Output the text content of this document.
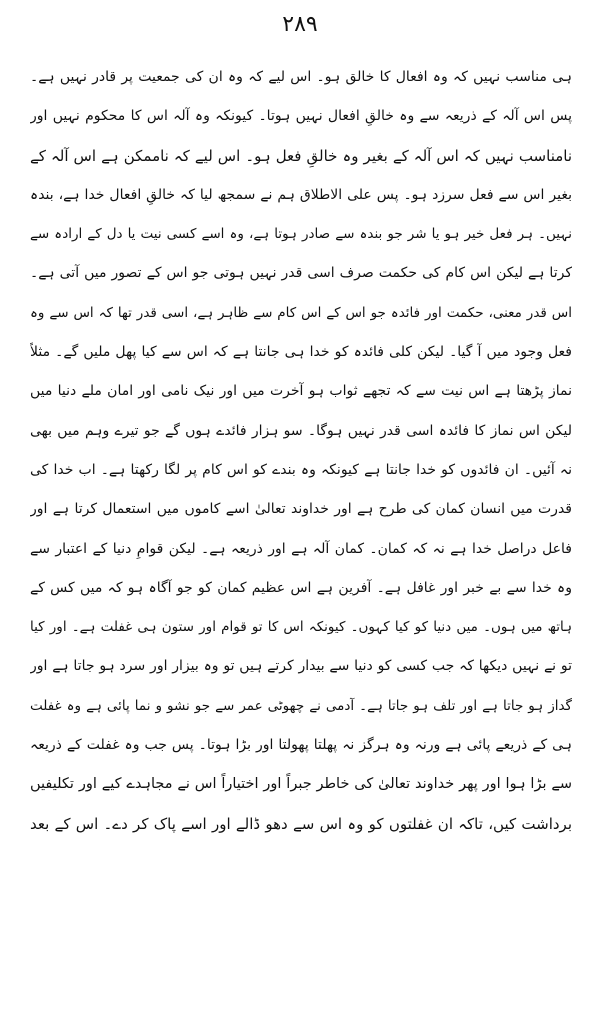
۲۸۹
ہی مناسب نہیں کہ وہ افعال کا خالق ہو۔ اس لیے کہ وہ ان کی جمعیت پر قادر نہیں ہے۔
پس اس آلہ کے ذریعہ سے وہ خالقِ افعال نہیں ہوتا۔ کیونکہ وہ آلہ اس کا محکوم نہیں اور
نامناسب نہیں کہ اس آلہ کے بغیر وہ خالقِ فعل ہو۔ اس لیے کہ ناممکن ہے اس آلہ کے
بغیر اس سے فعل سرزد ہو۔ پس علی الاطلاق ہم نے سمجھ لیا کہ خالقِ افعال خدا ہے، بندہ
نہیں۔ ہر فعل خیر ہو یا شر جو بندہ سے صادر ہوتا ہے، وہ اسے کسی نیت یا دل کے ارادہ سے
کرتا ہے لیکن اس کام کی حکمت صرف اسی قدر نہیں ہوتی جو اس کے تصور میں آتی ہے۔
اس قدر معنی، حکمت اور فائدہ جو اس کے اس کام سے ظاہر ہے، اسی قدر تھا کہ اس سے وہ
فعل وجود میں آ گیا۔ لیکن کلی فائدہ کو خدا ہی جانتا ہے کہ اس سے کیا پھل ملیں گے۔ مثلاً
نماز پڑھتا ہے اس نیت سے کہ تجھے ثواب ہو آخرت میں اور نیک نامی اور امان ملے دنیا میں
لیکن اس نماز کا فائدہ اسی قدر نہیں ہوگا۔ سو ہزار فائدے ہوں گے جو تیرے وہم میں بھی
نہ آئیں۔ ان فائدوں کو خدا جانتا ہے کیونکہ وہ بندے کو اس کام پر لگا رکھتا ہے۔ اب خدا کی
قدرت میں انسان کمان کی طرح ہے اور خداوند تعالیٰ اسے کاموں میں استعمال کرتا ہے اور
فاعل دراصل خدا ہے نہ کہ کمان۔ کمان آلہ ہے اور ذریعہ ہے۔ لیکن قوامِ دنیا کے اعتبار سے
وہ خدا سے بے خبر اور غافل ہے۔ آفرین ہے اس عظیم کمان کو جو آگاہ ہو کہ میں کس کے
ہاتھ میں ہوں۔ میں دنیا کو کیا کہوں۔ کیونکہ اس کا تو قوام اور ستون ہی غفلت ہے۔ اور کیا
تو نے نہیں دیکھا کہ جب کسی کو دنیا سے بیدار کرتے ہیں تو وہ بیزار اور سرد ہو جاتا ہے اور
گداز ہو جاتا ہے اور تلف ہو جاتا ہے۔ آدمی نے چھوٹی عمر سے جو نشو و نما پائی ہے وہ غفلت
ہی کے ذریعے پائی ہے ورنہ وہ ہرگز نہ پھلتا پھولتا اور بڑا ہوتا۔ پس جب وہ غفلت کے ذریعہ
سے بڑا ہوا اور پھر خداوند تعالیٰ کی خاطر جبراً اور اختیاراً اس نے مجاہدے کیے اور تکلیفیں
برداشت کیں، تاکہ ان غفلتوں کو وہ اس سے دھو ڈالے اور اسے پاک کر دے۔ اس کے بعد
